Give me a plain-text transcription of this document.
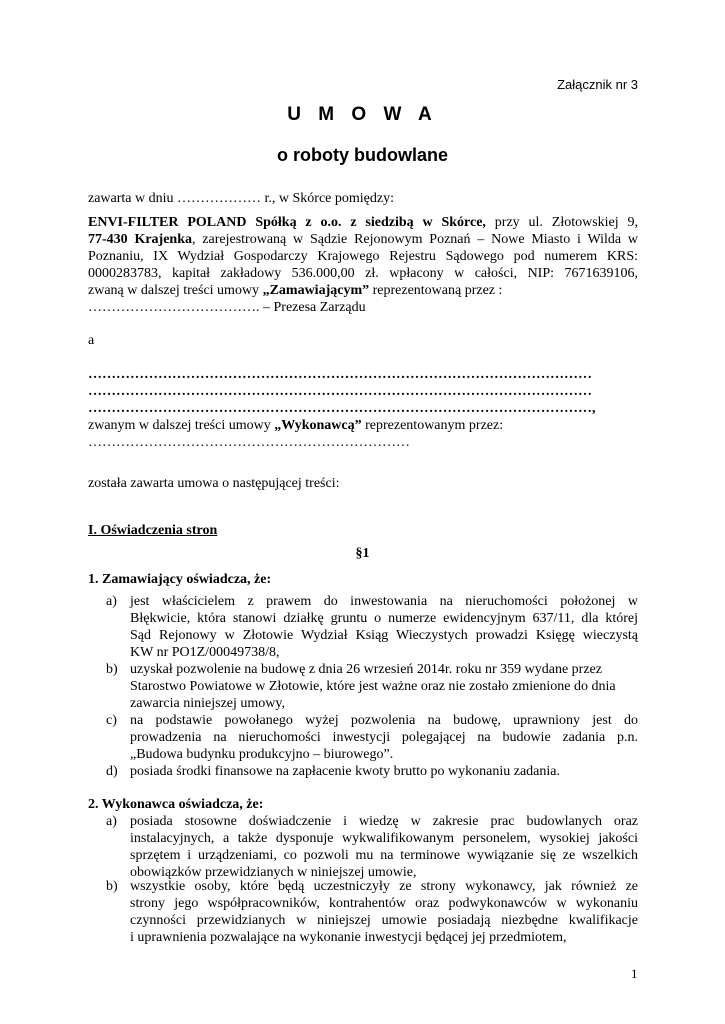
Załącznik nr 3
U M O W A
o roboty budowlane
zawarta w dniu ……………… r., w Skórce pomiędzy:
ENVI-FILTER POLAND Spółką z o.o. z siedzibą w Skórce, przy ul. Złotowskiej 9,
77-430 Krajenka, zarejestrowaną w Sądzie Rejonowym Poznań – Nowe Miasto i Wilda w
Poznaniu, IX Wydział Gospodarczy Krajowego Rejestru Sądowego pod numerem KRS:
0000283783, kapitał zakładowy 536.000,00 zł. wpłacony w całości, NIP: 7671639106,
zwaną w dalszej treści umowy „Zamawiającym” reprezentowaną przez :
………………………………. – Prezesa Zarządu
a
………………………………………………………………………………………………
………………………………………………………………………………………………
………………………………………………………………………………………………,
zwanym w dalszej treści umowy „Wykonawcą” reprezentowanym przez:
……………………………………………………………
została zawarta umowa o następującej treści:
I. Oświadczenia stron
§1
1. Zamawiający oświadcza, że:
a) jest właścicielem z prawem do inwestowania na nieruchomości położonej w
Błękwicie, która stanowi działkę gruntu o numerze ewidencyjnym 637/11, dla której
Sąd Rejonowy w Złotowie Wydział Ksiąg Wieczystych prowadzi Księgę wieczystą
KW nr PO1Z/00049738/8,
b) uzyskał pozwolenie na budowę z dnia 26 wrzesień 2014r. roku nr 359 wydane przez
Starostwo Powiatowe w Złotowie, które jest ważne oraz nie zostało zmienione do dnia
zawarcia niniejszej umowy,
c) na podstawie powołanego wyżej pozwolenia na budowę, uprawniony jest do
prowadzenia na nieruchomości inwestycji polegającej na budowie zadania p.n.
„Budowa budynku produkcyjno – biurowego”.
d) posiada środki finansowe na zapłacenie kwoty brutto po wykonaniu zadania.
2. Wykonawca oświadcza, że:
a) posiada stosowne doświadczenie i wiedzę w zakresie prac budowlanych oraz
instalacyjnych, a także dysponuje wykwalifikowanym personelem, wysokiej jakości
sprzętem i urządzeniami, co pozwoli mu na terminowe wywiązanie się ze wszelkich
obowiązków przewidzianych w niniejszej umowie,
b) wszystkie osoby, które będą uczestniczyły ze strony wykonawcy, jak również ze
strony jego współpracowników, kontrahentów oraz podwykonawców w wykonaniu
czynności przewidzianych w niniejszej umowie posiadają niezbędne kwalifikacje
i uprawnienia pozwalające na wykonanie inwestycji będącej jej przedmiotem,
1
